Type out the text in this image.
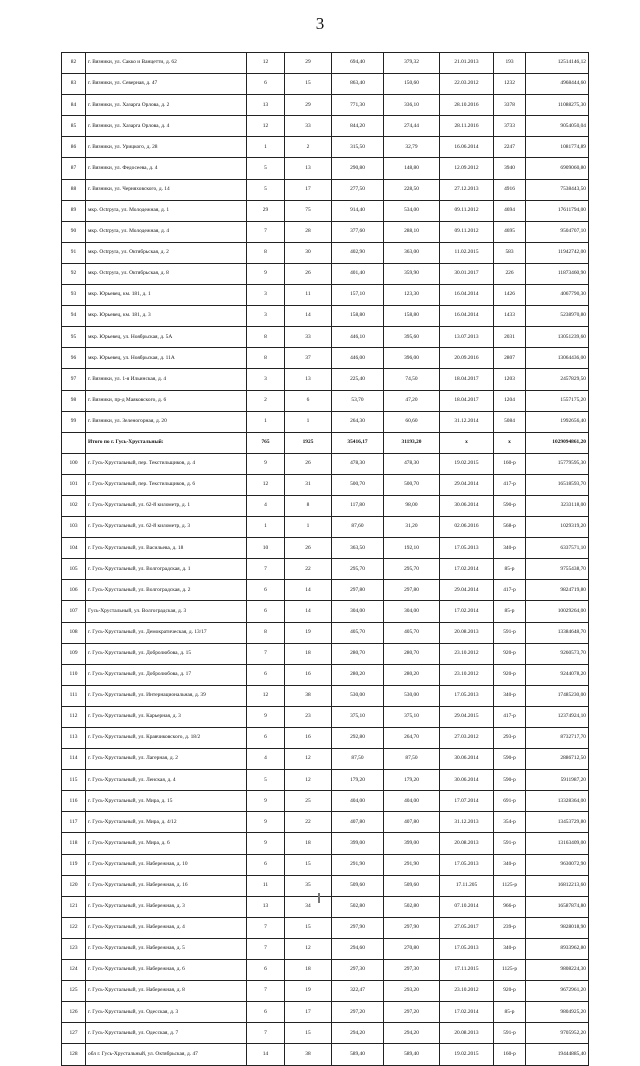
3
82	г. Вязники, ул. Сакко и Ванцетти, д. 62	12	29	694,40	379,32	21.01.2013	193	12514146,12
83	г. Вязники, ул. Северная, д. 47	6	15	863,40	150,60	22.03.2012	1232	4968444,60
84	г. Вязники, ул. Хазарга Орлова, д. 2	13	29	771,30	336,10	28.10.2016	3378	11088275,30
85	г. Вязники, ул. Хазарга Орлова, д. 4	12	33	844,20	274,44	28.11.2016	3733	9054050,04
86	г. Вязники, ул. Урицкого, д. 28	1	2	315,50	32,79	16.06.2014	2247	1081774,89
87	г. Вязники, ул. Федосеева, д. 4	5	13	290,80	148,80	12.09.2012	3940	6909060,80
88	г. Вязники, ул. Черняховского, д. 14	5	17	277,50	228,50	27.12.2013	4916	7538443,50
89	мкр. Octrpyra, ул. Молодежная, д. 1	29	75	914,40	534,00	09.11.2012	4694	17611794,00
90	мкр. Octrpyra, ул. Молодежная, д. 4	7	28	377,60	288,10	09.11.2012	4695	9504707,10
91	мкр. Octrpyra, ул. Октябрьская, д. 2	8	30	402,90	363,00	11.02.2015	583	11942742,00
92	мкр. Octrpyra, ул. Октябрьская, д. 8	9	26	401,40	359,90	30.01.2017	226	11873460,90
93	мкр. Юрьевец, км. 181, д. 1	3	11	157,10	123,30	16.04.2014	1426	4067790,30
94	мкр. Юрьевец, км. 181, д. 3	3	14	158,80	158,80	16.04.2014	1433	5238970,80
95	мкр. Юрьевец, ул. Ноябрьская, д. 5А	8	33	446,10	395,60	13.07.2013	2031	13051239,60
96	мкр. Юрьевец, ул. Ноябрьская, д. 11А	8	37	446,00	396,00	20.09.2016	2807	13064436,00
97	г. Вязники, ул. 1-я Ильинская, д. 4	3	13	225,40	74,50	18.04.2017	1203	2457829,50
98	г. Вязники, пр-д Маяковского, д. 6	2	6	53,70	47,20	18.04.2017	1204	1557175,20
99	г. Вязники, ул. Зеленогорная, д. 20	1	1	264,30	60,60	31.12.2014	5084	1992656,40
	Итого по г. Гусь-Хрустальный:	765	1925	35416,17	31193,20	x	x	1029094861,20
100	г. Гусь-Хрустальный, пер. Текстильщиков, д. 4	9	26	478,30	478,30	19.02.2015	160-р	15779595,30
101	г. Гусь-Хрустальный, пер. Текстильщиков, д. 6	12	31	500,70	500,70	29.04.2014	417-р	16518593,70
102	г. Гусь-Хрустальный, ул. 62-й километр, д. 1	4	8	117,80	98,00	30.06.2014	590-р	3233118,00
103	г. Гусь-Хрустальный, ул. 62-й километр, д. 3	1	1	87,60	31,20	02.06.2016	568-р	1029319,20
104	г. Гусь-Хрустальный, ул. Васильева, д. 18	10	26	363,50	192,10	17.05.2013	340-р	6337571,10
105	г. Гусь-Хрустальный, ул. Волгоградская, д. 1	7	22	295,70	295,70	17.02.2014	85-р	9755438,70
106	г. Гусь-Хрустальный, ул. Волгоградская, д. 2	6	14	297,80	297,80	29.04.2014	417-р	9824719,80
107	Гусь-Хрустальный, ул. Волгоградская, д. 3	6	14	304,00	304,00	17.02.2014	85-р	10029264,00
108	г. Гусь-Хрустальный, ул. Демократическая, д. 13/17	8	19	405,70	405,70	20.08.2013	591-р	13384648,70
109	г. Гусь-Хрустальный, ул. Добролюбова, д. 15	7	18	280,70	280,70	23.10.2012	920-р	9260573,70
110	г. Гусь-Хрустальный, ул. Добролюбова, д. 17	6	16	280,20	280,20	23.10.2012	920-р	9244078,20
111	г. Гусь-Хрустальный, ул. Интернациональная, д. 39	12	38	530,00	530,00	17.05.2013	340-р	17485230,00
112	г. Гусь-Хрустальный, ул. Карьерная, д. 3	9	23	375,10	375,10	29.04.2015	417-р	12374924,10
113	г. Гусь-Хрустальный, ул. Кравчиковского, д. 18/2	6	16	292,80	264,70	27.03.2012	293-р	8732717,70
114	г. Гусь-Хрустальный, ул. Лагерная, д. 2	4	12	87,50	87,50	30.06.2014	590-р	2886712,50
115	г. Гусь-Хрустальный, ул. Ленская, д. 4	5	12	179,20	179,20	30.06.2014	590-р	5911987,20
116	г. Гусь-Хрустальный, ул. Мира, д. 15	9	25	404,00	404,00	17.07.2014	691-р	13328364,00
117	г. Гусь-Хрустальный, ул. Мира, д. 4/12	9	22	407,80	407,80	31.12.2013	354-р	13453729,80
118	г. Гусь-Хрустальный, ул. Мира, д. 6	9	18	399,00	399,00	20.08.2013	591-р	13163409,00
119	г. Гусь-Хрустальный, ул. Набережная, д. 10	6	15	291,90	291,90	17.05.2013	340-р	9630072,90
120	г. Гусь-Хрустальный, ул. Набережная, д. 16	11	35	509,60	509,60	17.11.205	1125-р	16812213,60
121	г. Гусь-Хрустальный, ул. Набережная, д. 3	13	34	502,80	502,80	07.10.2014	966-р	16587874,80
122	г. Гусь-Хрустальный, ул. Набережная, д. 4	7	15	297,90	297,90	27.05.2017	239-р	9828018,90
123	г. Гусь-Хрустальный, ул. Набережная, д. 5	7	12	294,60	270,80	17.05.2013	340-р	8933962,80
124	г. Гусь-Хрустальный, ул. Набережная, д. 6	6	18	297,30	297,30	17.11.2015	1125-р	9808224,30
125	г. Гусь-Хрустальный, ул. Набережная, д. 8	7	19	322,47	293,20	23.10.2012	920-р	9672961,20
126	г. Гусь-Хрустальный, ул. Одесская, д. 3	6	17	297,20	297,20	17.02.2014	85-р	9804925,20
127	г. Гусь-Хрустальный, ул. Одесская, д. 7	7	15	294,20	294,20	20.08.2013	591-р	9705952,20
128	обл г. Гусь-Хрустальный, ул. Октябрьская, д. 47	14	38	589,40	589,40	19.02.2015	160-р	19444885,40
